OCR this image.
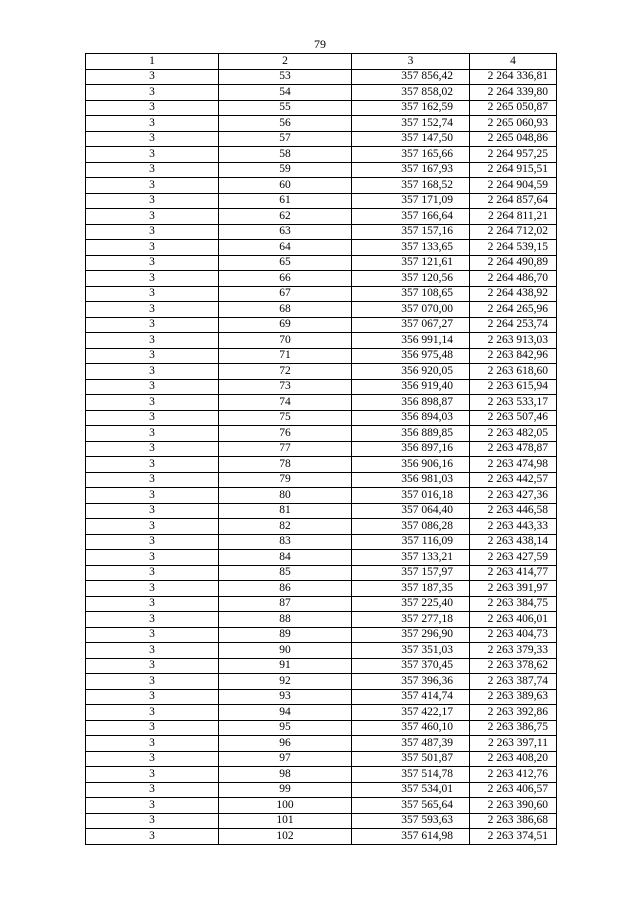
79
1	2	3	4
3	53	357 856,42	2 264 336,81
3	54	357 858,02	2 264 339,80
3	55	357 162,59	2 265 050,87
3	56	357 152,74	2 265 060,93
3	57	357 147,50	2 265 048,86
3	58	357 165,66	2 264 957,25
3	59	357 167,93	2 264 915,51
3	60	357 168,52	2 264 904,59
3	61	357 171,09	2 264 857,64
3	62	357 166,64	2 264 811,21
3	63	357 157,16	2 264 712,02
3	64	357 133,65	2 264 539,15
3	65	357 121,61	2 264 490,89
3	66	357 120,56	2 264 486,70
3	67	357 108,65	2 264 438,92
3	68	357 070,00	2 264 265,96
3	69	357 067,27	2 264 253,74
3	70	356 991,14	2 263 913,03
3	71	356 975,48	2 263 842,96
3	72	356 920,05	2 263 618,60
3	73	356 919,40	2 263 615,94
3	74	356 898,87	2 263 533,17
3	75	356 894,03	2 263 507,46
3	76	356 889,85	2 263 482,05
3	77	356 897,16	2 263 478,87
3	78	356 906,16	2 263 474,98
3	79	356 981,03	2 263 442,57
3	80	357 016,18	2 263 427,36
3	81	357 064,40	2 263 446,58
3	82	357 086,28	2 263 443,33
3	83	357 116,09	2 263 438,14
3	84	357 133,21	2 263 427,59
3	85	357 157,97	2 263 414,77
3	86	357 187,35	2 263 391,97
3	87	357 225,40	2 263 384,75
3	88	357 277,18	2 263 406,01
3	89	357 296,90	2 263 404,73
3	90	357 351,03	2 263 379,33
3	91	357 370,45	2 263 378,62
3	92	357 396,36	2 263 387,74
3	93	357 414,74	2 263 389,63
3	94	357 422,17	2 263 392,86
3	95	357 460,10	2 263 386,75
3	96	357 487,39	2 263 397,11
3	97	357 501,87	2 263 408,20
3	98	357 514,78	2 263 412,76
3	99	357 534,01	2 263 406,57
3	100	357 565,64	2 263 390,60
3	101	357 593,63	2 263 386,68
3	102	357 614,98	2 263 374,51
